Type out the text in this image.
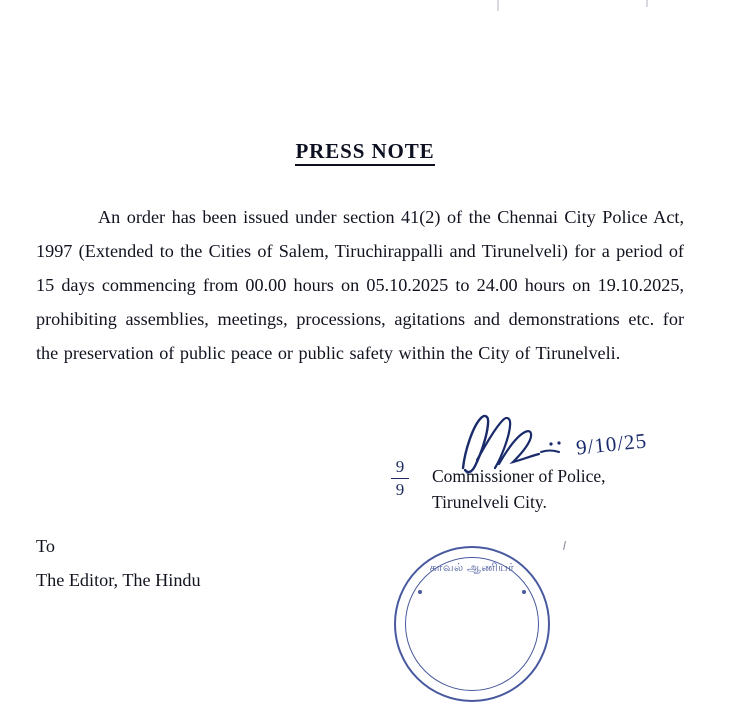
PRESS NOTE
An order has been issued under section 41(2) of the Chennai City Police Act, 1997 (Extended to the Cities of Salem, Tiruchirappalli and Tirunelveli) for a period of 15 days commencing from 00.00 hours on 05.10.2025 to 24.00 hours on 19.10.2025, prohibiting assemblies, meetings, processions, agitations and demonstrations etc. for the preservation of public peace or public safety within the City of Tirunelveli.
9/10/25
9
9
Commissioner of Police,
Tirunelveli City.
To
The Editor, The Hindu
காவல் ஆணியர்
